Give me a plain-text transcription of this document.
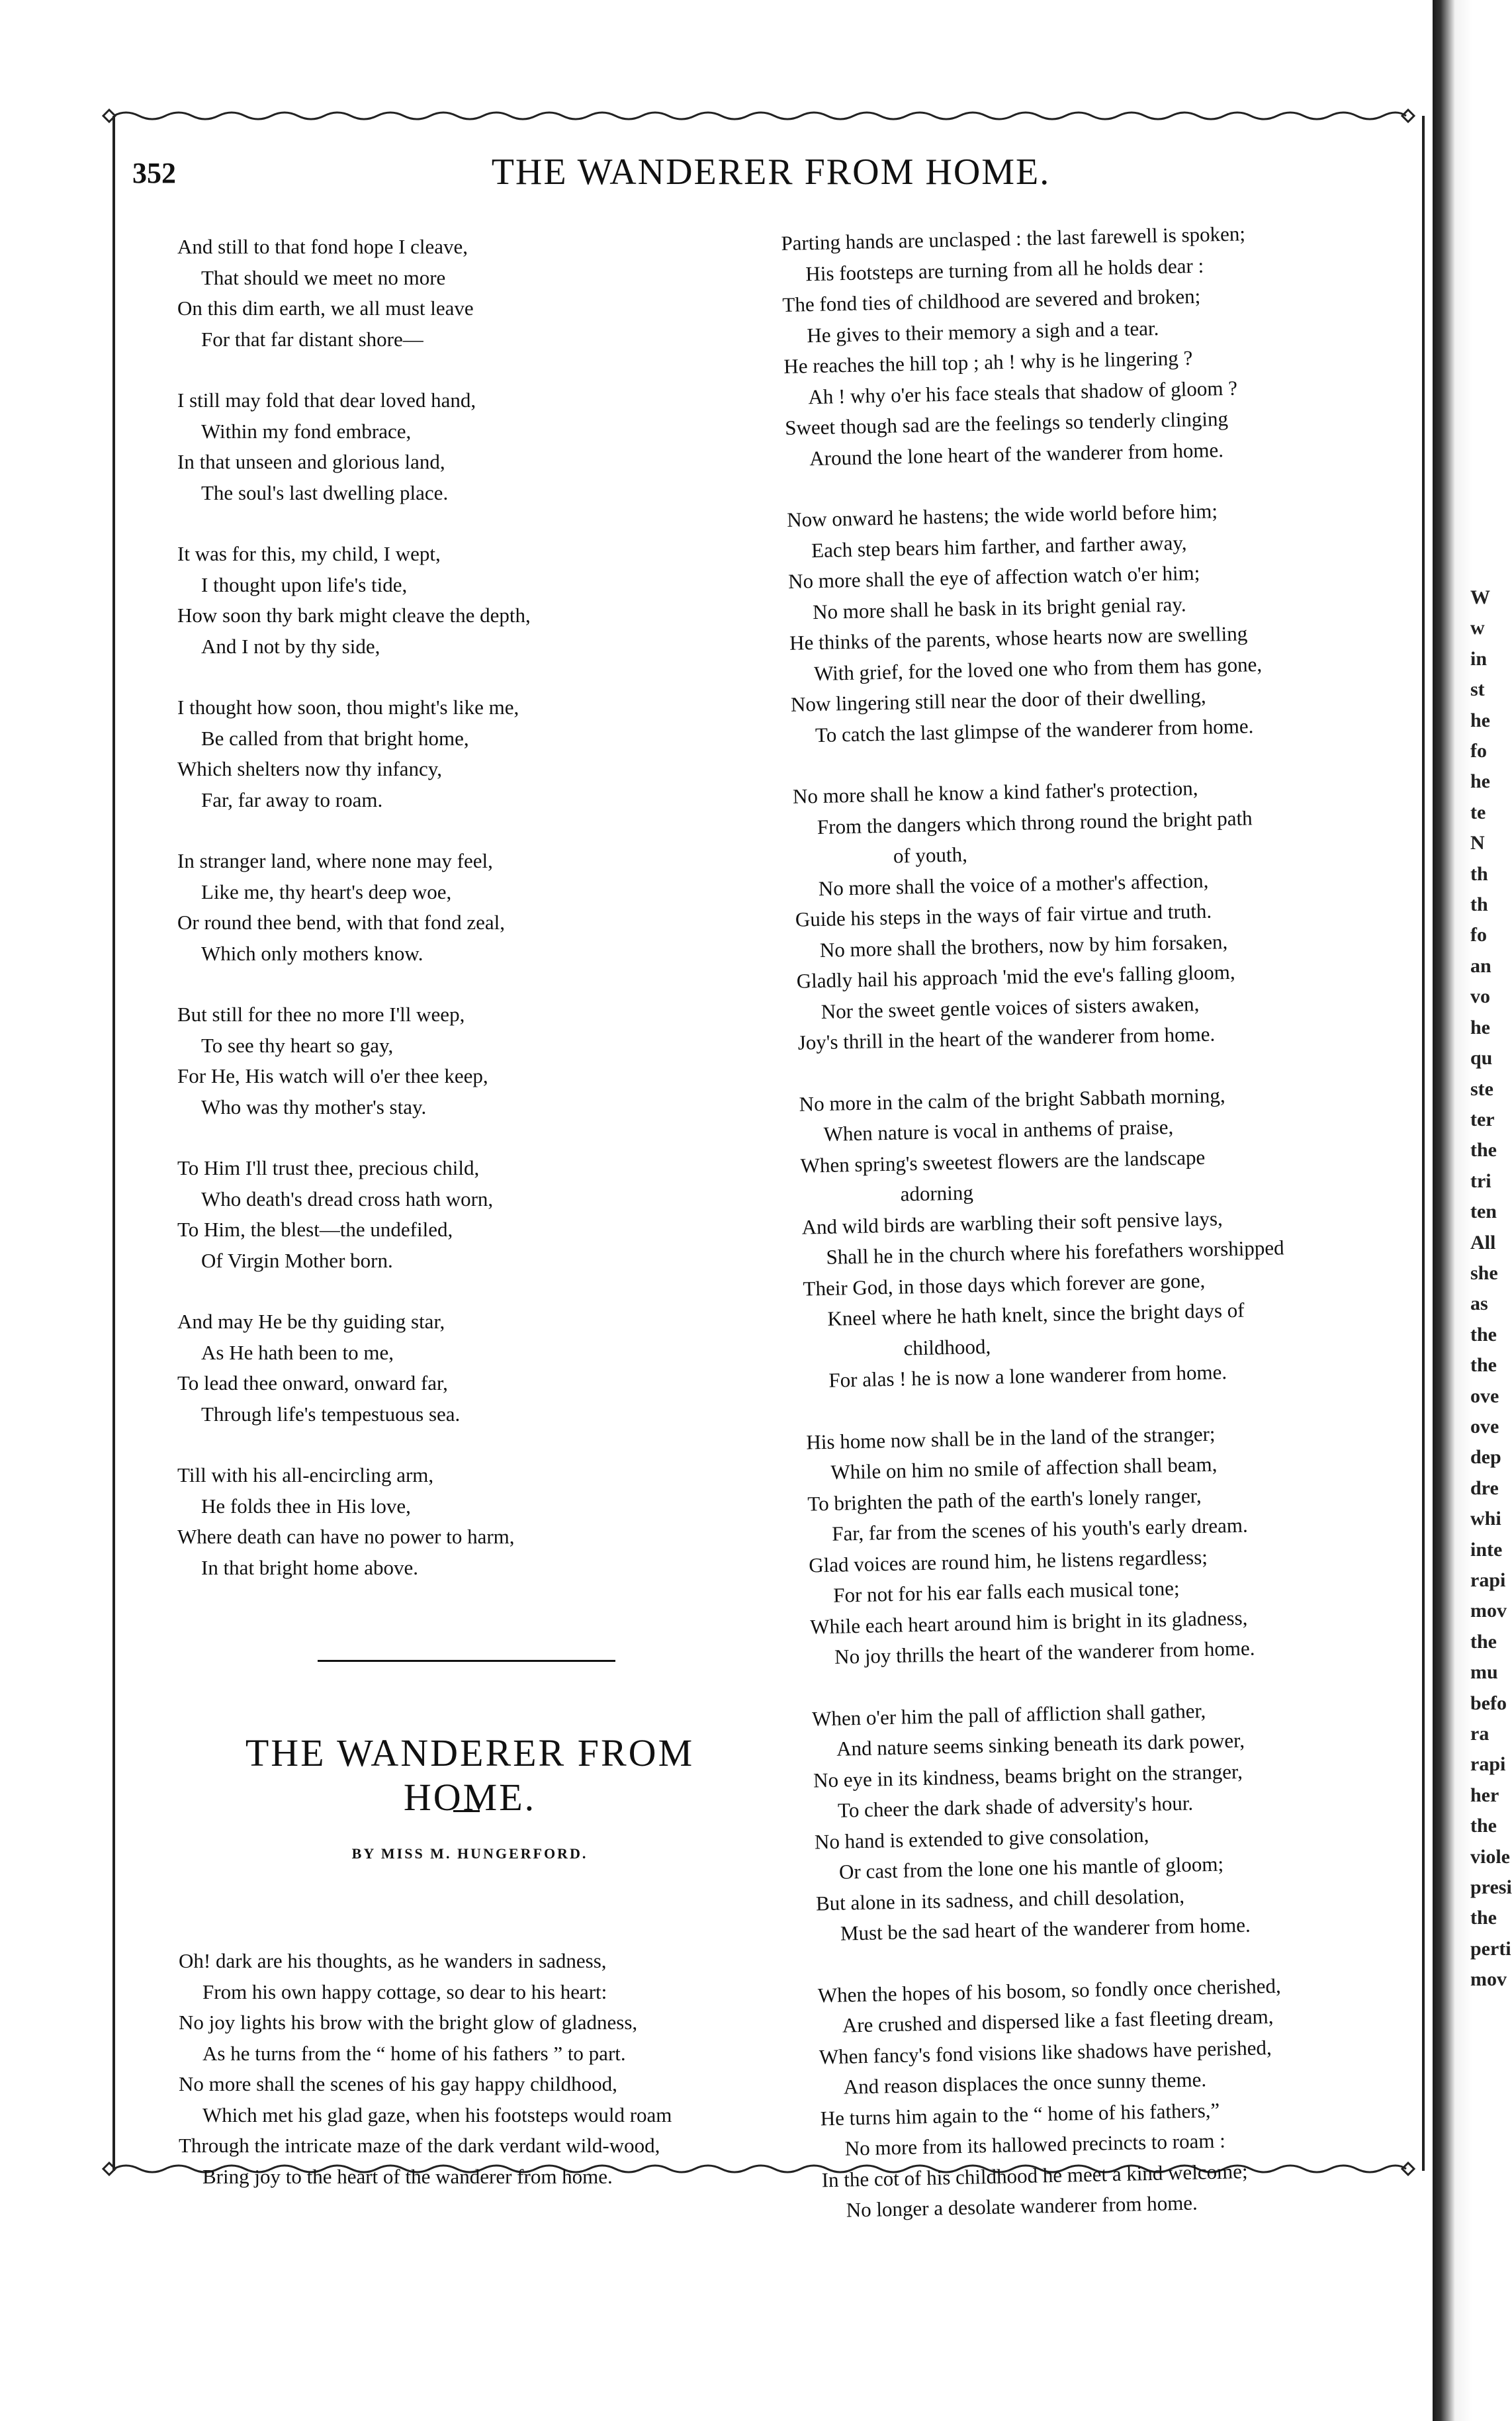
352	THE WANDERER FROM HOME.

And still to that fond hope I cleave,

That should we meet no more

On this dim earth, we all must leave

For that far distant shore—

I still may fold that dear loved hand,

Within my fond embrace,

In that unseen and glorious land,

The soul's last dwelling place.

It was for this, my child, I wept,

I thought upon life's tide,

How soon thy bark might cleave the depth,

And I not by thy side,

I thought how soon, thou might's like me,

Be called from that bright home,

Which shelters now thy infancy,

Far, far away to roam.

In stranger land, where none may feel,

Like me, thy heart's deep woe,

Or round thee bend, with that fond zeal,

Which only mothers know.

But still for thee no more I'll weep,

To see thy heart so gay,

For He, His watch will o'er thee keep,

Who was thy mother's stay.

To Him I'll trust thee, precious child,

Who death's dread cross hath worn,

To Him, the blest—the undefiled,

Of Virgin Mother born.

And may He be thy guiding star,

As He hath been to me,

To lead thee onward, onward far,

Through life's tempestuous sea.

Till with his all-encircling arm,

He folds thee in His love,

Where death can have no power to harm,

In that bright home above.

THE WANDERER FROM HOME.
BY MISS M. HUNGERFORD.

Oh! dark are his thoughts, as he wanders in sadness,

From his own happy cottage, so dear to his heart:

No joy lights his brow with the bright glow of gladness,

As he turns from the “ home of his fathers ” to part.

No more shall the scenes of his gay happy childhood,

Which met his glad gaze, when his footsteps would roam

Through the intricate maze of the dark verdant wild-wood,

Bring joy to the heart of the wanderer from home.

Parting hands are unclasped : the last farewell is spoken;

His footsteps are turning from all he holds dear :

The fond ties of childhood are severed and broken;

He gives to their memory a sigh and a tear.

He reaches the hill top ; ah ! why is he lingering ?

Ah ! why o'er his face steals that shadow of gloom ?

Sweet though sad are the feelings so tenderly clinging

Around the lone heart of the wanderer from home.

Now onward he hastens; the wide world before him;

Each step bears him farther, and farther away,

No more shall the eye of affection watch o'er him;

No more shall he bask in its bright genial ray.

He thinks of the parents, whose hearts now are swelling

With grief, for the loved one who from them has gone,

Now lingering still near the door of their dwelling,

To catch the last glimpse of the wanderer from home.

No more shall he know a kind father's protection,

From the dangers which throng round the bright path

of youth,

No more shall the voice of a mother's affection,

Guide his steps in the ways of fair virtue and truth.

No more shall the brothers, now by him forsaken,

Gladly hail his approach 'mid the eve's falling gloom,

Nor the sweet gentle voices of sisters awaken,

Joy's thrill in the heart of the wanderer from home.

No more in the calm of the bright Sabbath morning,

When nature is vocal in anthems of praise,

When spring's sweetest flowers are the landscape

adorning

And wild birds are warbling their soft pensive lays,

Shall he in the church where his forefathers worshipped

Their God, in those days which forever are gone,

Kneel where he hath knelt, since the bright days of

childhood,

For alas ! he is now a lone wanderer from home.

His home now shall be in the land of the stranger;

While on him no smile of affection shall beam,

To brighten the path of the earth's lonely ranger,

Far, far from the scenes of his youth's early dream.

Glad voices are round him, he listens regardless;

For not for his ear falls each musical tone;

While each heart around him is bright in its gladness,

No joy thrills the heart of the wanderer from home.

When o'er him the pall of affliction shall gather,

And nature seems sinking beneath its dark power,

No eye in its kindness, beams bright on the stranger,

To cheer the dark shade of adversity's hour.

No hand is extended to give consolation,

Or cast from the lone one his mantle of gloom;

But alone in its sadness, and chill desolation,

Must be the sad heart of the wanderer from home.

When the hopes of his bosom, so fondly once cherished,

Are crushed and dispersed like a fast fleeting dream,

When fancy's fond visions like shadows have perished,

And reason displaces the once sunny theme.

He turns him again to the “ home of his fathers,”

No more from its hallowed precincts to roam :

In the cot of his childhood he meet a kind welcome;

No longer a desolate wanderer from home.

W
w
in
st
he
fo
he
te
N
th
th
fo
an
vo
he
qu
ste
ter
the
tri
ten
All
she
as
the
the
ove
ove
dep
dre
whi
inte
rapi
mov
the
mu
befo
ra
rapi
her
the
viole
presi
the
perti
mov
